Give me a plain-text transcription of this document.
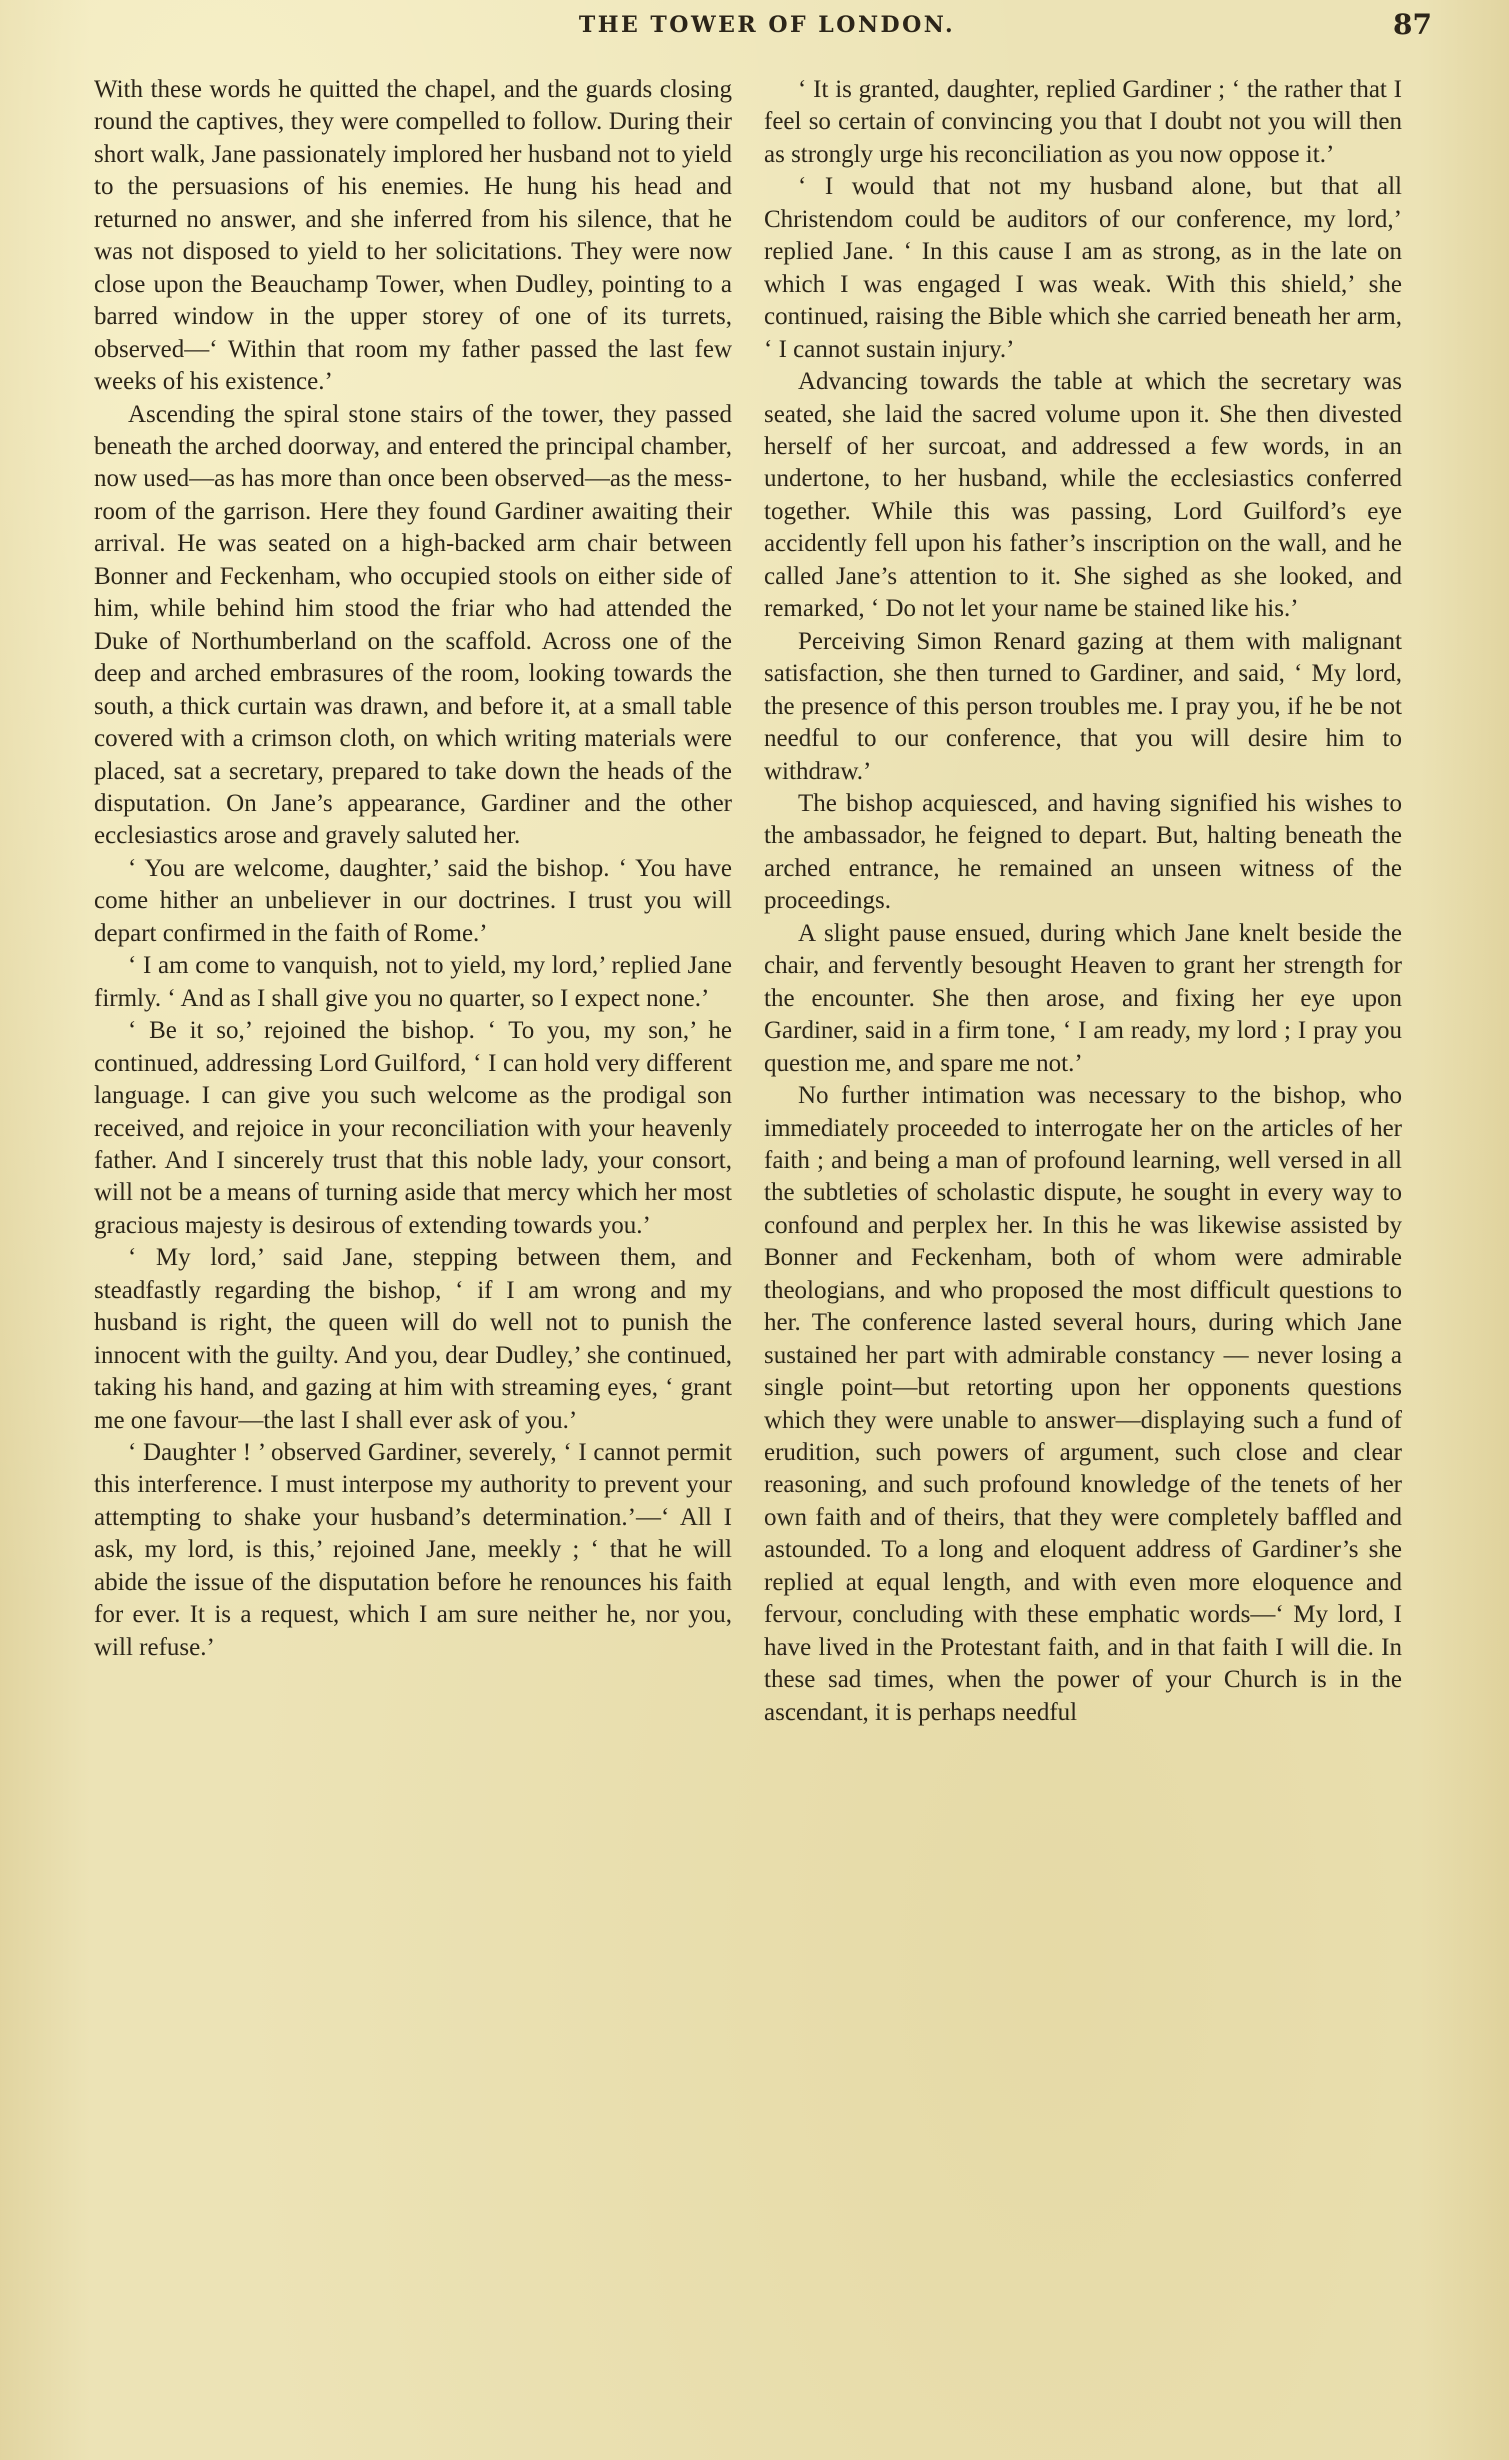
THE TOWER OF LONDON.	87

With these words he quitted the chapel, and the guards closing round the captives, they were compelled to follow. During their short walk, Jane passionately implored her husband not to yield to the persuasions of his enemies. He hung his head and returned no answer, and she inferred from his silence, that he was not disposed to yield to her solicitations. They were now close upon the Beauchamp Tower, when Dudley, pointing to a barred window in the upper storey of one of its turrets, observed—‘ Within that room my father passed the last few weeks of his existence.’

Ascending the spiral stone stairs of the tower, they passed beneath the arched doorway, and entered the principal chamber, now used—as has more than once been observed—as the mess-room of the garrison. Here they found Gardiner awaiting their arrival. He was seated on a high-backed arm chair between Bonner and Feckenham, who occupied stools on either side of him, while behind him stood the friar who had attended the Duke of Northumberland on the scaffold. Across one of the deep and arched embrasures of the room, looking towards the south, a thick curtain was drawn, and before it, at a small table covered with a crimson cloth, on which writing materials were placed, sat a secretary, prepared to take down the heads of the disputation. On Jane’s appearance, Gardiner and the other ecclesiastics arose and gravely saluted her.

‘ You are welcome, daughter,’ said the bishop. ‘ You have come hither an unbeliever in our doctrines. I trust you will depart confirmed in the faith of Rome.’

‘ I am come to vanquish, not to yield, my lord,’ replied Jane firmly. ‘ And as I shall give you no quarter, so I expect none.’

‘ Be it so,’ rejoined the bishop. ‘ To you, my son,’ he continued, addressing Lord Guilford, ‘ I can hold very different language. I can give you such welcome as the prodigal son received, and rejoice in your reconciliation with your heavenly father. And I sincerely trust that this noble lady, your consort, will not be a means of turning aside that mercy which her most gracious majesty is desirous of extending towards you.’

‘ My lord,’ said Jane, stepping between them, and steadfastly regarding the bishop, ‘ if I am wrong and my husband is right, the queen will do well not to punish the innocent with the guilty. And you, dear Dudley,’ she continued, taking his hand, and gazing at him with streaming eyes, ‘ grant me one favour—the last I shall ever ask of you.’

‘ Daughter ! ’ observed Gardiner, severely, ‘ I cannot permit this interference. I must interpose my authority to prevent your attempting to shake your husband’s determination.’—‘ All I ask, my lord, is this,’ rejoined Jane, meekly ; ‘ that he will abide the issue of the disputation before he renounces his faith for ever. It is a request, which I am sure neither he, nor you, will refuse.’

‘ It is granted, daughter, replied Gardiner ; ‘ the rather that I feel so certain of convincing you that I doubt not you will then as strongly urge his reconciliation as you now oppose it.’

‘ I would that not my husband alone, but that all Christendom could be auditors of our conference, my lord,’ replied Jane. ‘ In this cause I am as strong, as in the late on which I was engaged I was weak. With this shield,’ she continued, raising the Bible which she carried beneath her arm, ‘ I cannot sustain injury.’

Advancing towards the table at which the secretary was seated, she laid the sacred volume upon it. She then divested herself of her surcoat, and addressed a few words, in an undertone, to her husband, while the ecclesiastics conferred together. While this was passing, Lord Guilford’s eye accidently fell upon his father’s inscription on the wall, and he called Jane’s attention to it. She sighed as she looked, and remarked, ‘ Do not let your name be stained like his.’

Perceiving Simon Renard gazing at them with malignant satisfaction, she then turned to Gardiner, and said, ‘ My lord, the presence of this person troubles me. I pray you, if he be not needful to our conference, that you will desire him to withdraw.’

The bishop acquiesced, and having signified his wishes to the ambassador, he feigned to depart. But, halting beneath the arched entrance, he remained an unseen witness of the proceedings.

A slight pause ensued, during which Jane knelt beside the chair, and fervently besought Heaven to grant her strength for the encounter. She then arose, and fixing her eye upon Gardiner, said in a firm tone, ‘ I am ready, my lord ; I pray you question me, and spare me not.’

No further intimation was necessary to the bishop, who immediately proceeded to interrogate her on the articles of her faith ; and being a man of profound learning, well versed in all the subtleties of scholastic dispute, he sought in every way to confound and perplex her. In this he was likewise assisted by Bonner and Feckenham, both of whom were admirable theologians, and who proposed the most difficult questions to her. The conference lasted several hours, during which Jane sustained her part with admirable constancy — never losing a single point—but retorting upon her opponents questions which they were unable to answer—displaying such a fund of erudition, such powers of argument, such close and clear reasoning, and such profound knowledge of the tenets of her own faith and of theirs, that they were completely baffled and astounded. To a long and eloquent address of Gardiner’s she replied at equal length, and with even more eloquence and fervour, concluding with these emphatic words—‘ My lord, I have lived in the Protestant faith, and in that faith I will die. In these sad times, when the power of your Church is in the ascendant, it is perhaps needful
